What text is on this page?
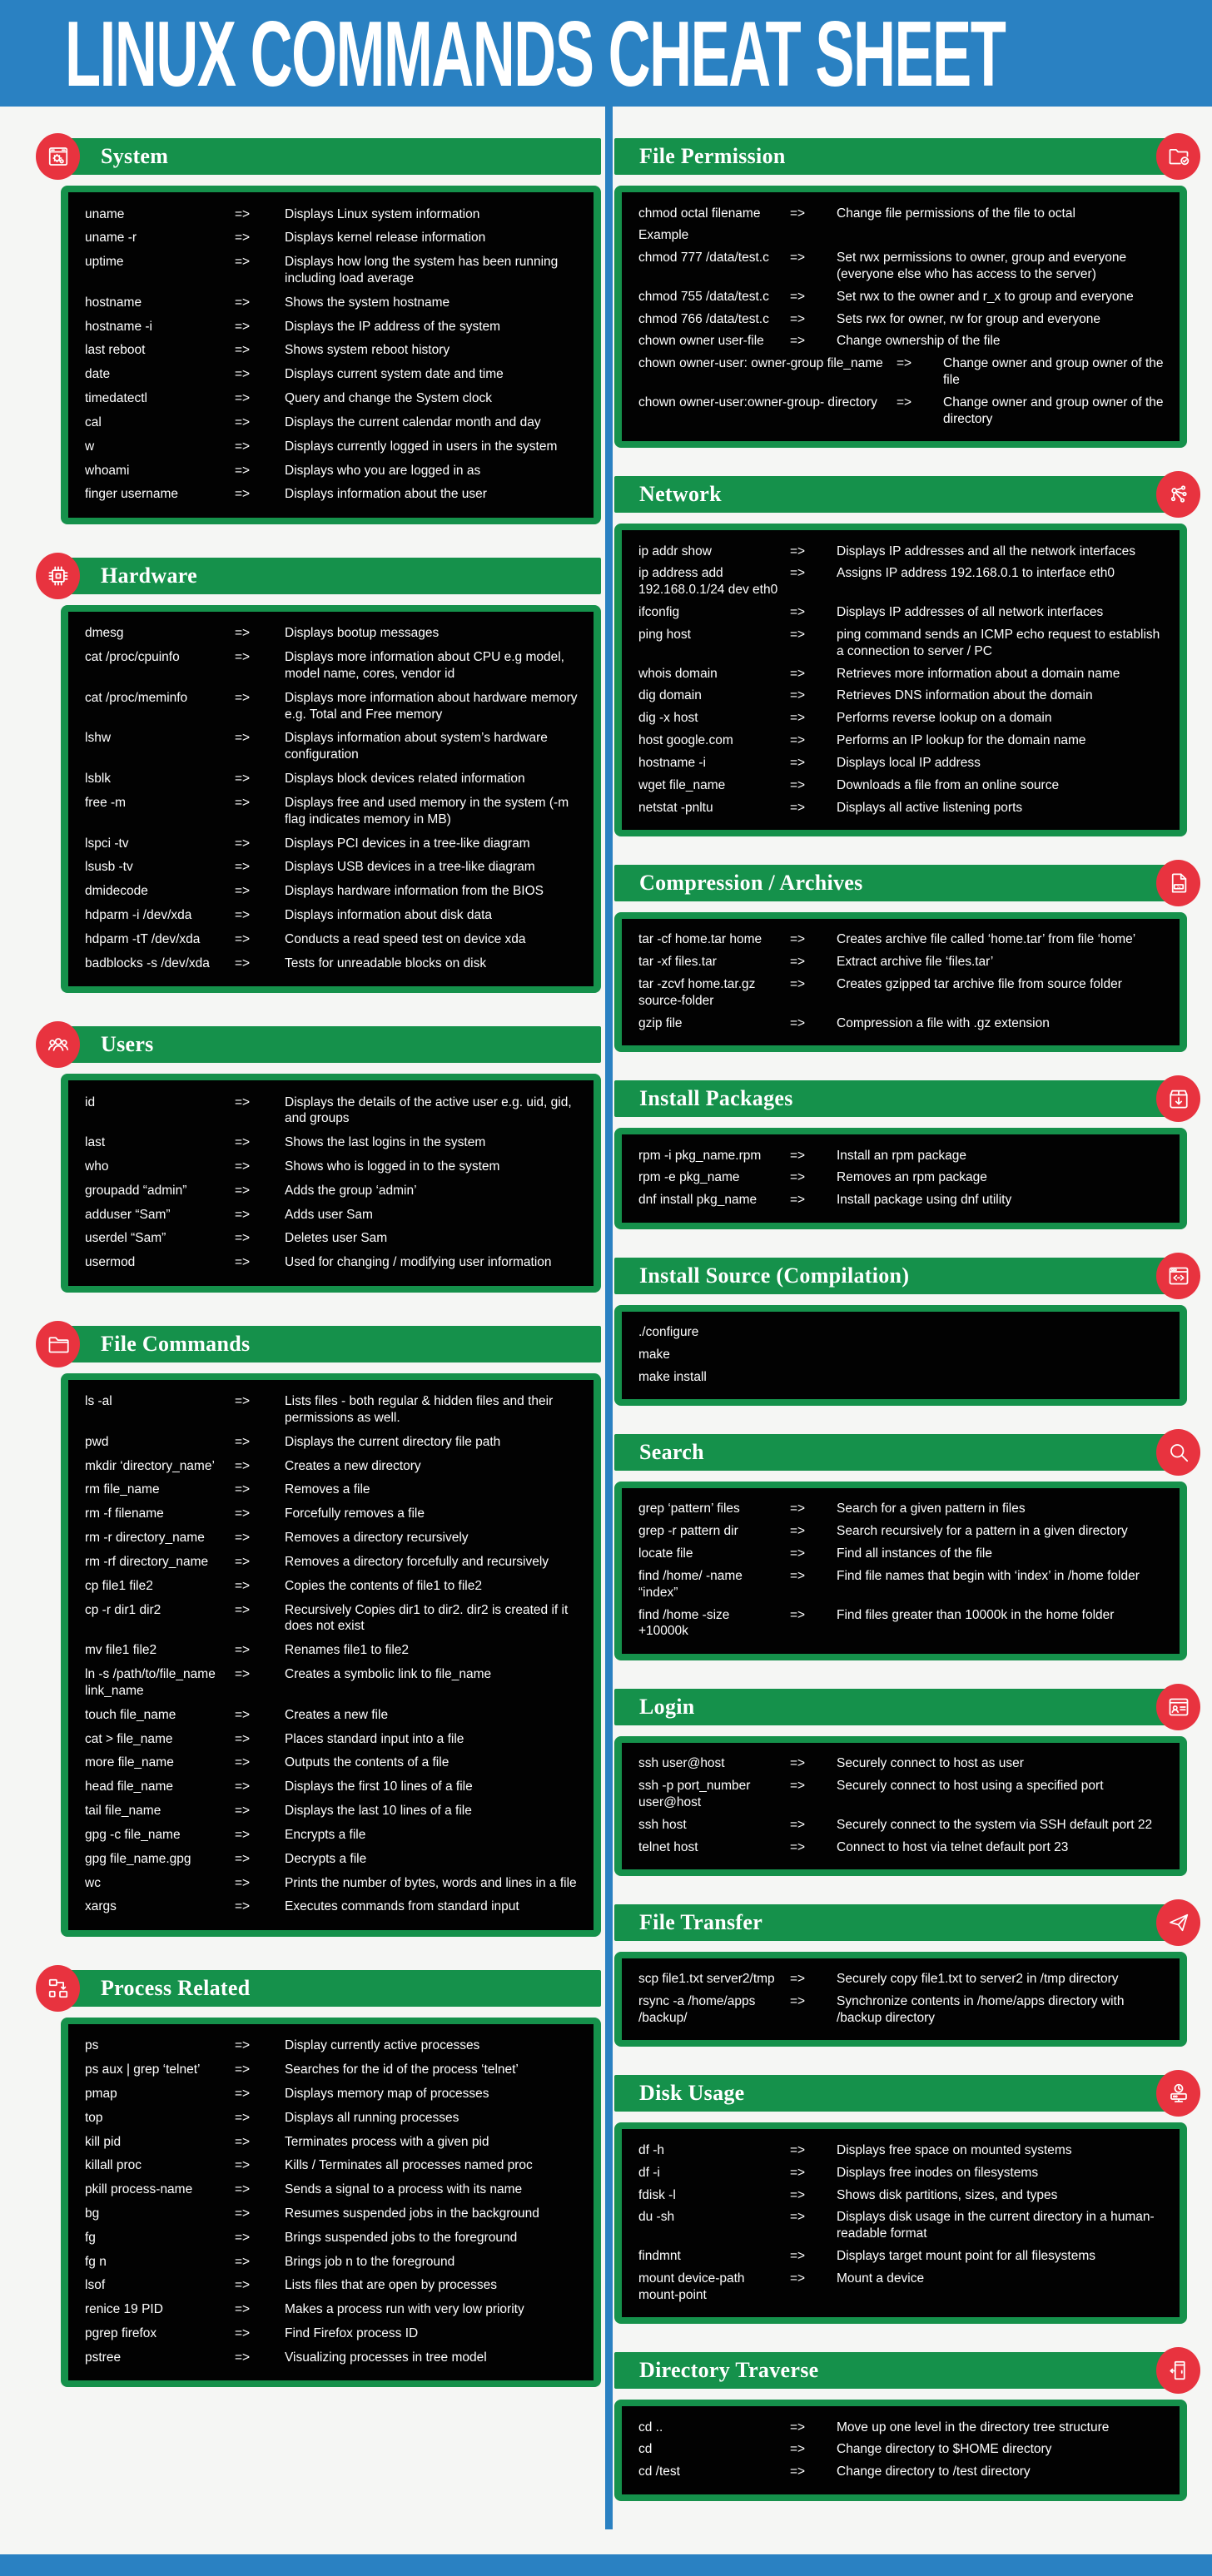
LINUX COMMANDS CHEAT SHEET
System
uname	=>	Displays Linux system information
uname -r	=>	Displays kernel release information
uptime	=>	Displays how long the system has been running including load average
hostname	=>	Shows the system hostname
hostname -i	=>	Displays the IP address of the system
last reboot	=>	Shows system reboot history
date	=>	Displays current system date and time
timedatectl	=>	Query and change the System clock
cal	=>	Displays the current calendar month and day
w	=>	Displays currently logged in users in the system
whoami	=>	Displays who you are logged in as
finger username	=>	Displays information about the user
Hardware
dmesg	=>	Displays bootup messages
cat /proc/cpuinfo	=>	Displays more information about CPU e.g model, model name, cores, vendor id
cat /proc/meminfo	=>	Displays more information about hardware memory e.g. Total and Free memory
lshw	=>	Displays information about system’s hardware configuration
lsblk	=>	Displays block devices related information
free -m	=>	Displays free and used memory in the system (-m flag indicates memory in MB)
lspci -tv	=>	Displays PCI devices in a tree-like diagram
lsusb -tv	=>	Displays USB devices in a tree-like diagram
dmidecode	=>	Displays hardware information from the BIOS
hdparm -i /dev/xda	=>	Displays information about disk data
hdparm -tT /dev/xda	=>	Conducts a read speed test on device xda
badblocks -s /dev/xda	=>	Tests for unreadable blocks on disk
Users
id	=>	Displays the details of the active user e.g. uid, gid, and groups
last	=>	Shows the last logins in the system
who	=>	Shows who is logged in to the system
groupadd “admin”	=>	Adds the group ‘admin’
adduser “Sam”	=>	Adds user Sam
userdel “Sam”	=>	Deletes user Sam
usermod	=>	Used for changing / modifying user information
File Commands
ls -al	=>	Lists files - both regular & hidden files and their permissions as well.
pwd	=>	Displays the current directory file path
mkdir ‘directory_name’	=>	Creates a new directory
rm file_name	=>	Removes a file
rm -f filename	=>	Forcefully removes a file
rm -r directory_name	=>	Removes a directory recursively
rm -rf directory_name	=>	Removes a directory forcefully and recursively
cp file1 file2	=>	Copies the contents of file1 to file2
cp -r dir1 dir2	=>	Recursively Copies dir1 to dir2. dir2 is created if it does not exist
mv file1 file2	=>	Renames file1 to file2
ln -s /path/to/file_name link_name
=>	Creates a symbolic link to file_name
touch file_name	=>	Creates a new file
cat > file_name	=>	Places standard input into a file
more file_name	=>	Outputs the contents of a file
head file_name	=>	Displays the first 10 lines of a file
tail file_name	=>	Displays the last 10 lines of a file
gpg -c file_name	=>	Encrypts a file
gpg file_name.gpg	=>	Decrypts a file
wc	=>	Prints the number of bytes, words and lines in a file
xargs	=>	Executes commands from standard input
Process Related
ps	=>	Display currently active processes
ps aux | grep ‘telnet’	=>	Searches for the id of the process ‘telnet’
pmap	=>	Displays memory map of processes
top	=>	Displays all running processes
kill pid	=>	Terminates process with a given pid
killall proc	=>	Kills / Terminates all processes named proc
pkill process-name	=>	Sends a signal to a process with its name
bg	=>	Resumes suspended jobs in the background
fg	=>	Brings suspended jobs to the foreground
fg n	=>	Brings job n to the foreground
lsof	=>	Lists files that are open by processes
renice 19 PID	=>	Makes a process run with very low priority
pgrep firefox	=>	Find Firefox process ID
pstree	=>	Visualizing processes in tree model
File Permission
chmod octal filename	=>	Change file permissions of the file to octal
Example
chmod 777 /data/test.c	=>	Set rwx permissions to owner, group and everyone (everyone else who has access to the server)
chmod 755 /data/test.c	=>	Set rwx to the owner and r_x to group and everyone
chmod 766 /data/test.c	=>	Sets rwx for owner, rw for group and everyone
chown owner user-file	=>	Change ownership of the file
chown owner-user: owner-group file_name	=>	Change owner and group owner of the file
chown owner-user:owner-group- directory	=>	Change owner and group owner of the directory
Network
ip addr show	=>	Displays IP addresses and all the network interfaces
ip address add 192.168.0.1/24 dev eth0
=>	Assigns IP address 192.168.0.1 to interface eth0
ifconfig	=>	Displays IP addresses of all network interfaces
ping host	=>	ping command sends an ICMP echo request to establish a connection to server / PC
whois domain	=>	Retrieves more information about a domain name
dig domain	=>	Retrieves DNS information about the domain
dig -x host	=>	Performs reverse lookup on a domain
host google.com	=>	Performs an IP lookup for the domain name
hostname -i	=>	Displays local IP address
wget file_name	=>	Downloads a file from an online source
netstat -pnltu	=>	Displays all active listening ports
7z
Compression / Archives
tar -cf home.tar home	=>	Creates archive file called ‘home.tar’ from file ‘home’
tar -xf files.tar	=>	Extract archive file ‘files.tar’
tar -zcvf home.tar.gz source-folder
=>	Creates gzipped tar archive file from source folder
gzip file	=>	Compression a file with .gz extension
Install Packages
rpm -i pkg_name.rpm	=>	Install an rpm package
rpm -e pkg_name	=>	Removes an rpm package
dnf install pkg_name	=>	Install package using dnf utility
Install Source (Compilation)
./configure
make
make install
Search
grep ‘pattern’ files	=>	Search for a given pattern in files
grep -r pattern dir	=>	Search recursively for a pattern in a given directory
locate file	=>	Find all instances of the file
find /home/ -name “index”
=>	Find file names that begin with ‘index’ in /home folder
find /home -size +10000k
=>	Find files greater than 10000k in the home folder
Login
ssh user@host	=>	Securely connect to host as user
ssh -p port_number user@host
=>	Securely connect to host using a specified port
ssh host	=>	Securely connect to the system via SSH default port 22
telnet host	=>	Connect to host via telnet default port 23
File Transfer
scp file1.txt server2/tmp	=>	Securely copy file1.txt to server2 in /tmp directory
rsync -a /home/apps /backup/
=>	Synchronize contents in /home/apps directory with /backup directory
Disk Usage
df -h	=>	Displays free space on mounted systems
df -i	=>	Displays free inodes on filesystems
fdisk -l	=>	Shows disk partitions, sizes, and types
du -sh	=>	Displays disk usage in the current directory in a human-readable format
findmnt	=>	Displays target mount point for all filesystems
mount device-path mount-point
=>	Mount a device
Directory Traverse
cd ..	=>	Move up one level in the directory tree structure
cd	=>	Change directory to $HOME directory
cd /test	=>	Change directory to /test directory
